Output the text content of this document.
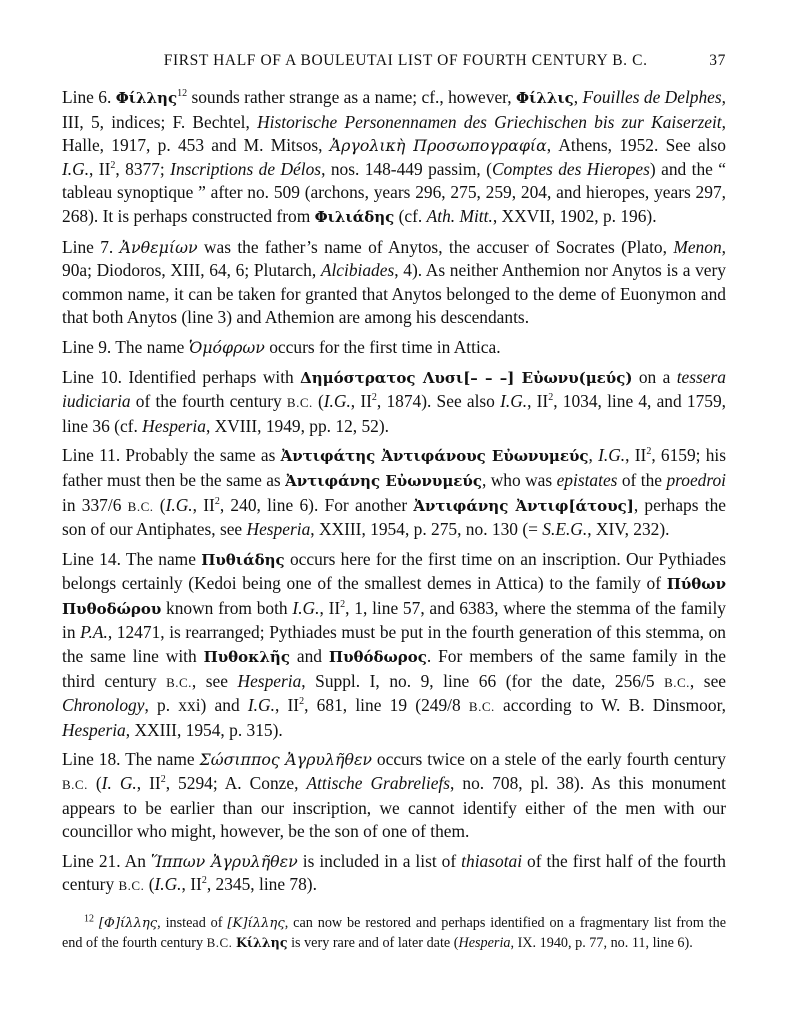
FIRST HALF OF A BOULEUTAI LIST OF FOURTH CENTURY B. C.	37

Line 6. Φίλλης$^{12}$ sounds rather strange as a name; cf., however, Φίλλις, Fouilles de Delphes, III, 5, indices; F. Bechtel, Historische Personennamen des Griechischen bis zur Kaiserzeit, Halle, 1917, p. 453 and M. Mitsos, Ἀργολικὴ Προσωπογραφία, Athens, 1952. See also I.G., $II^2$, 8377; Inscriptions de Délos, nos. 148-449 passim, (Comptes des Hieropes) and the “ tableau synoptique ” after no. 509 (archons, years 296, 275, 259, 204, and hieropes, years 297, 268). It is perhaps constructed from Φιλιάδης (cf. Ath. Mitt., XXVII, 1902, p. 196).

Line 7. Ἀνθεμίων was the father’s name of Anytos, the accuser of Socrates (Plato, Menon, 90a; Diodoros, XIII, 64, 6; Plutarch, Alcibiades, 4). As neither Anthemion nor Anytos is a very common name, it can be taken for granted that Anytos belonged to the deme of Euonymon and that both Anytos (line 3) and Athemion are among his descendants.

Line 9. The name Ὁμόφρων occurs for the first time in Attica.

Line 10. Identified perhaps with Δημόστρατος Λυσι[– – –] Εὐωνυ(μεύς) on a tessera iudiciaria of the fourth century B.C. (I.G., $II^2$, 1874). See also I.G., $II^2$, 1034, line 4, and 1759, line 36 (cf. Hesperia, XVIII, 1949, pp. 12, 52).

Line 11. Probably the same as Ἀντιφάτης Ἀντιφάνους Εὐωνυμεύς, I.G., $II^2$, 6159; his father must then be the same as Ἀντιφάνης Εὐωνυμεύς, who was epistates of the proedroi in 337/6 B.C. (I.G., $II^2$, 240, line 6). For another Ἀντιφάνης Ἀντιφ[άτους], perhaps the son of our Antiphates, see Hesperia, XXIII, 1954, p. 275, no. 130 (= S.E.G., XIV, 232).

Line 14. The name Πυθιάδης occurs here for the first time on an inscription. Our Pythiades belongs certainly (Kedoi being one of the smallest demes in Attica) to the family of Πύθων Πυθοδώρου known from both I.G., $II^2$, 1, line 57, and 6383, where the stemma of the family in P.A., 12471, is rearranged; Pythiades must be put in the fourth generation of this stemma, on the same line with Πυθοκλῆς and Πυθόδωρος. For members of the same family in the third century B.C., see Hesperia, Suppl. I, no. 9, line 66 (for the date, 256/5 B.C., see Chronology, p. xxi) and I.G., $II^2$, 681, line 19 (249/8 B.C. according to W. B. Dinsmoor, Hesperia, XXIII, 1954, p. 315).

Line 18. The name Σώσιππος Ἀγρυλῆθεν occurs twice on a stele of the early fourth century B.C. (I. G., $II^2$, 5294; A. Conze, Attische Grabreliefs, no. 708, pl. 38). As this monument appears to be earlier than our inscription, we cannot identify either of the men with our councillor who might, however, be the son of one of them.

Line 21. An Ἵππων Ἀγρυλῆθεν is included in a list of thiasotai of the first half of the fourth century B.C. (I.G., $II^2$, 2345, line 78).

$^{12}$ [Φ]ίλλης, instead of [Κ]ίλλης, can now be restored and perhaps identified on a fragmentary list from the end of the fourth century B.C. Κίλλης is very rare and of later date (Hesperia, IX. 1940, p. 77, no. 11, line 6).
